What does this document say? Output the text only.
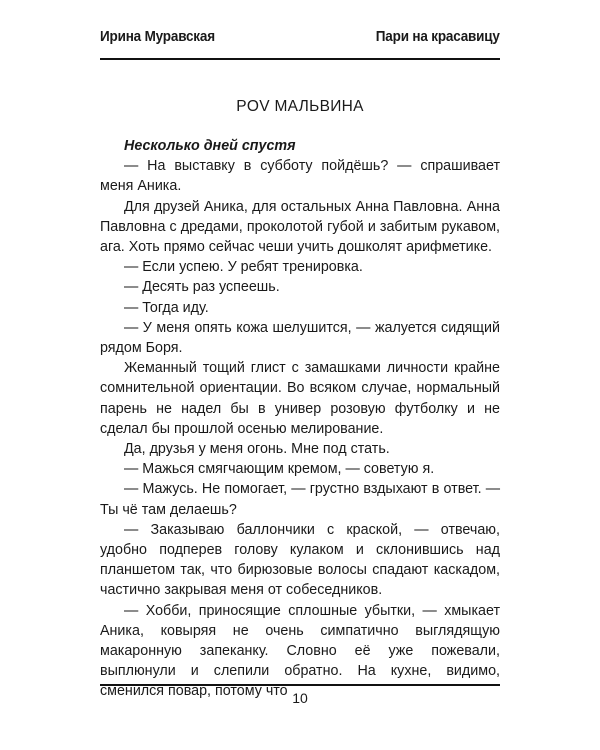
Ирина Муравская	Пари на красавицу
POV МАЛЬВИНА

Несколько дней спустя

— На выставку в субботу пойдёшь? — спрашивает меня Аника.

Для друзей Аника, для остальных Анна Павловна. Анна Павловна с дредами, проколотой губой и забитым рукавом, ага. Хоть прямо сейчас чеши учить дошколят арифметике.

— Если успею. У ребят тренировка.

— Десять раз успеешь.

— Тогда иду.

— У меня опять кожа шелушится, — жалуется сидящий рядом Боря.

Жеманный тощий глист с замашками личности крайне сомнительной ориентации. Во всяком случае, нормальный парень не надел бы в универ розовую футболку и не сделал бы прошлой осенью мелирование.

Да, друзья у меня огонь. Мне под стать.

— Мажься смягчающим кремом, — советую я.

— Мажусь. Не помогает, — грустно вздыхают в ответ. — Ты чё там делаешь?

— Заказываю баллончики с краской, — отвечаю, удобно подперев голову кулаком и склонившись над планшетом так, что бирюзовые волосы спадают каскадом, частично закрывая меня от собеседников.

— Хобби, приносящие сплошные убытки, — хмыкает Аника, ковыряя не очень симпатично выглядящую макаронную запеканку. Словно её уже пожевали, выплюнули и слепили обратно. На кухне, видимо, сменился повар, потому что 10
